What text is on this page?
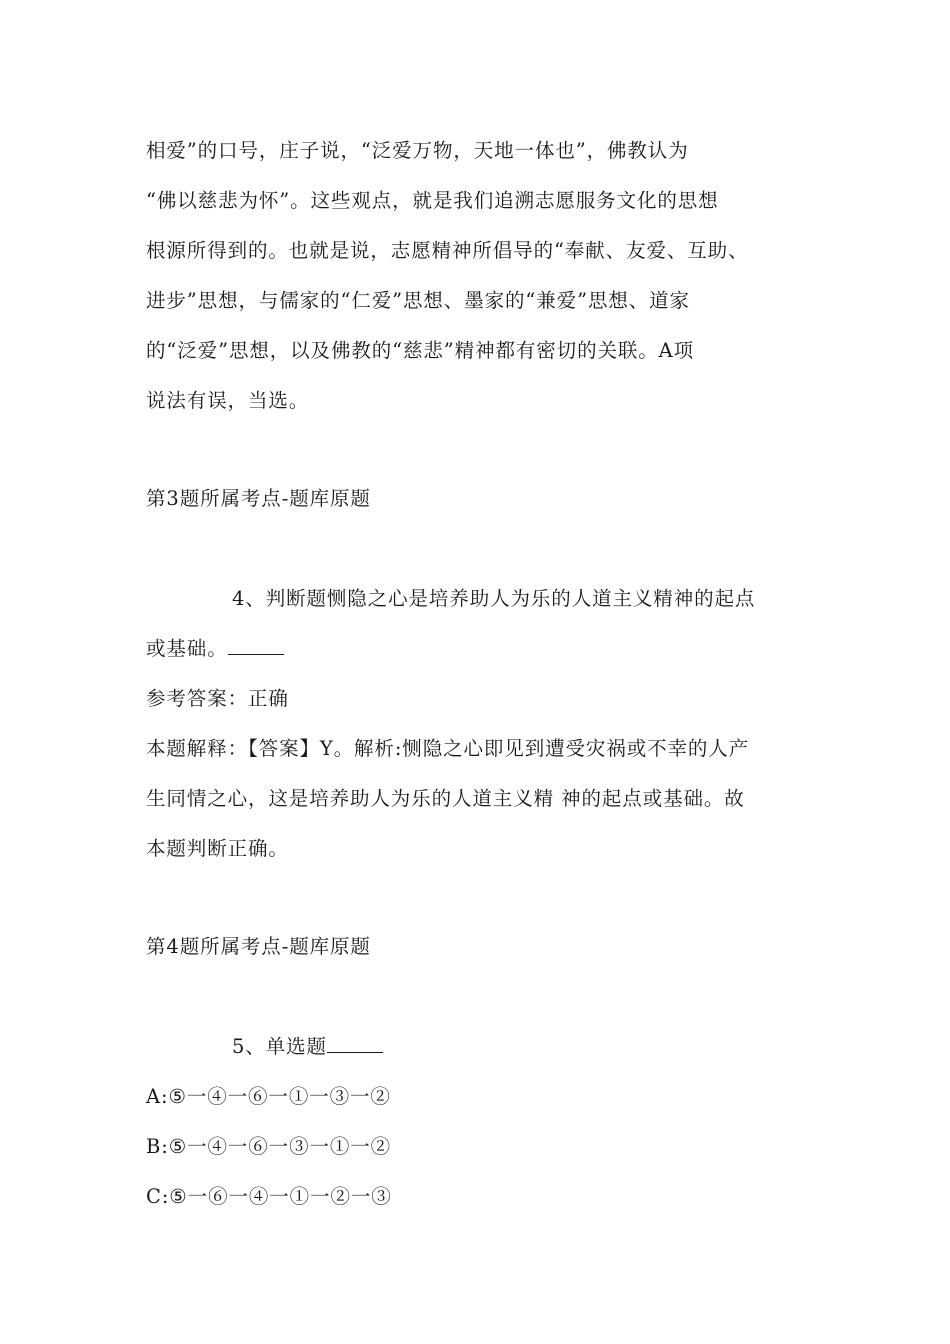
相爱”的口号，庄子说，“泛爱万物，天地一体也”，佛教认为

“佛以慈悲为怀”。这些观点，就是我们追溯志愿服务文化的思想

根源所得到的。也就是说，志愿精神所倡导的“奉献、友爱、互助、

进步”思想，与儒家的“仁爱”思想、墨家的“兼爱”思想、道家

的“泛爱”思想，以及佛教的“慈悲”精神都有密切的关联。A项

说法有误，当选。

第3题所属考点-题库原题

4、判断题恻隐之心是培养助人为乐的人道主义精神的起点

或基础。

参考答案：正确

本题解释：【答案】Y。解析:恻隐之心即见到遭受灾祸或不幸的人产

生同情之心，这是培养助人为乐的人道主义精 神的起点或基础。故

本题判断正确。

第4题所属考点-题库原题

5、单选题

A:⑤一④一⑥一①一③一②

B:⑤一④一⑥一③一①一②

C:⑤一⑥一④一①一②一③
